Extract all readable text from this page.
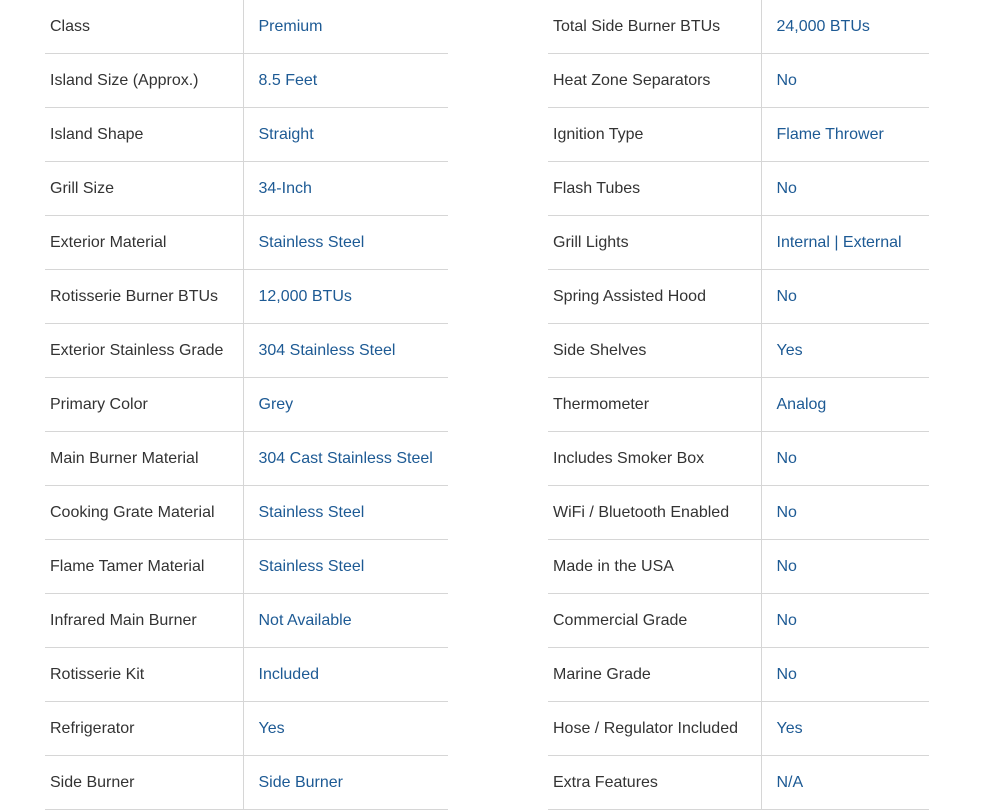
Class	Premium
Island Size (Approx.)	8.5 Feet
Island Shape	Straight
Grill Size	34-Inch
Exterior Material	Stainless Steel
Rotisserie Burner BTUs	12,000 BTUs
Exterior Stainless Grade	304 Stainless Steel
Primary Color	Grey
Main Burner Material	304 Cast Stainless Steel
Cooking Grate Material	Stainless Steel
Flame Tamer Material	Stainless Steel
Infrared Main Burner	Not Available
Rotisserie Kit	Included
Refrigerator	Yes
Side Burner	Side Burner
Total Side Burner BTUs	24,000 BTUs
Heat Zone Separators	No
Ignition Type	Flame Thrower
Flash Tubes	No
Grill Lights	Internal | External
Spring Assisted Hood	No
Side Shelves	Yes
Thermometer	Analog
Includes Smoker Box	No
WiFi / Bluetooth Enabled	No
Made in the USA	No
Commercial Grade	No
Marine Grade	No
Hose / Regulator Included	Yes
Extra Features	N/A
